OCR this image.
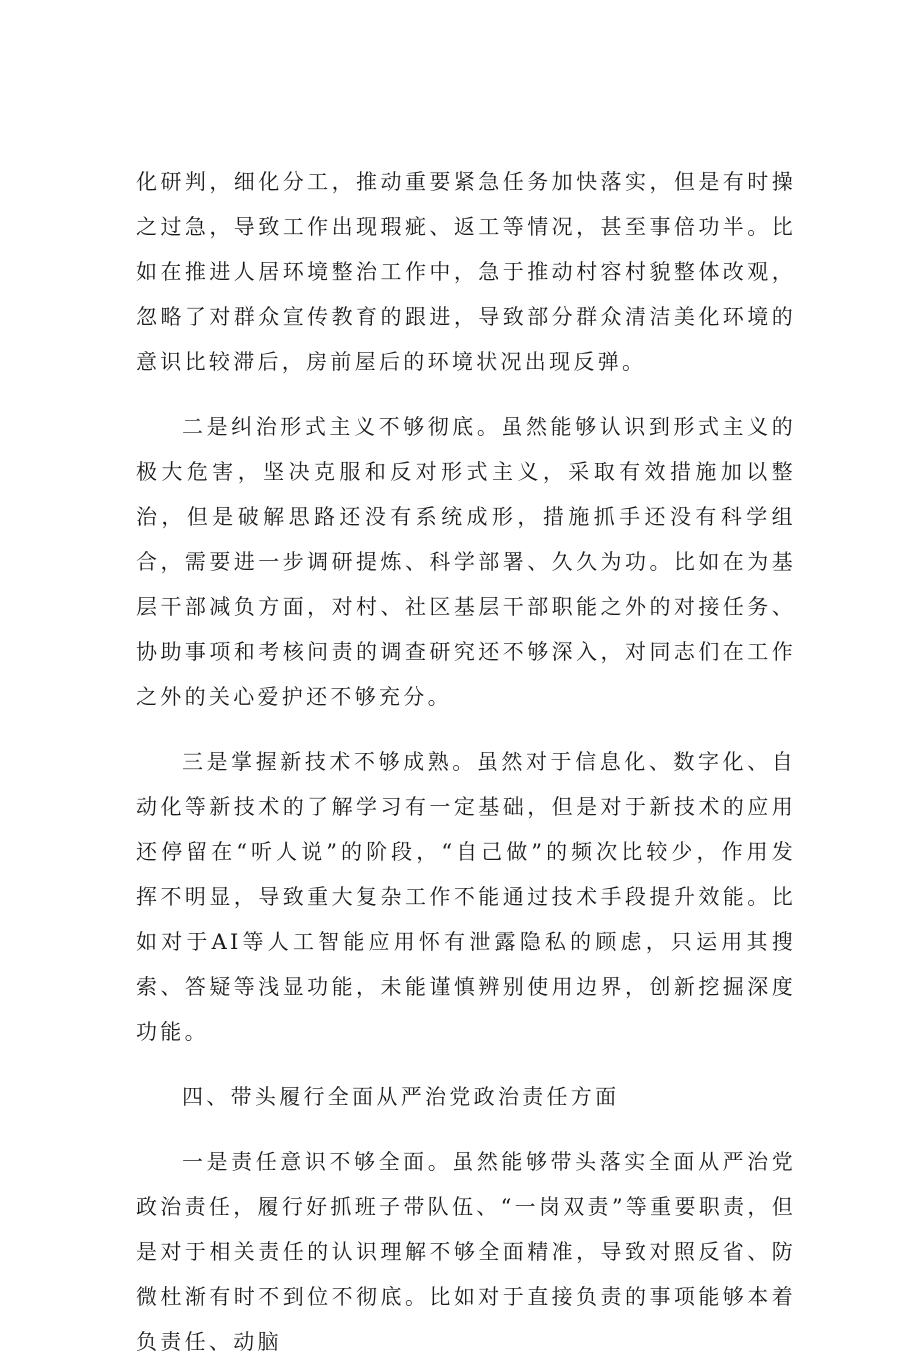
化研判，细化分工，推动重要紧急任务加快落实，但是有时操之过急，导致工作出现瑕疵、返工等情况，甚至事倍功半。比如在推进人居环境整治工作中，急于推动村容村貌整体改观，忽略了对群众宣传教育的跟进，导致部分群众清洁美化环境的意识比较滞后，房前屋后的环境状况出现反弹。

二是纠治形式主义不够彻底。虽然能够认识到形式主义的极大危害，坚决克服和反对形式主义，采取有效措施加以整治，但是破解思路还没有系统成形，措施抓手还没有科学组合，需要进一步调研提炼、科学部署、久久为功。比如在为基层干部减负方面，对村、社区基层干部职能之外的对接任务、协助事项和考核问责的调查研究还不够深入，对同志们在工作之外的关心爱护还不够充分。

三是掌握新技术不够成熟。虽然对于信息化、数字化、自动化等新技术的了解学习有一定基础，但是对于新技术的应用还停留在“听人说”的阶段，“自己做”的频次比较少，作用发挥不明显，导致重大复杂工作不能通过技术手段提升效能。比如对于AI等人工智能应用怀有泄露隐私的顾虑，只运用其搜索、答疑等浅显功能，未能谨慎辨别使用边界，创新挖掘深度功能。

四、带头履行全面从严治党政治责任方面

一是责任意识不够全面。虽然能够带头落实全面从严治党政治责任，履行好抓班子带队伍、“一岗双责”等重要职责，但是对于相关责任的认识理解不够全面精准，导致对照反省、防微杜渐有时不到位不彻底。比如对于直接负责的事项能够本着负责任、动脑
